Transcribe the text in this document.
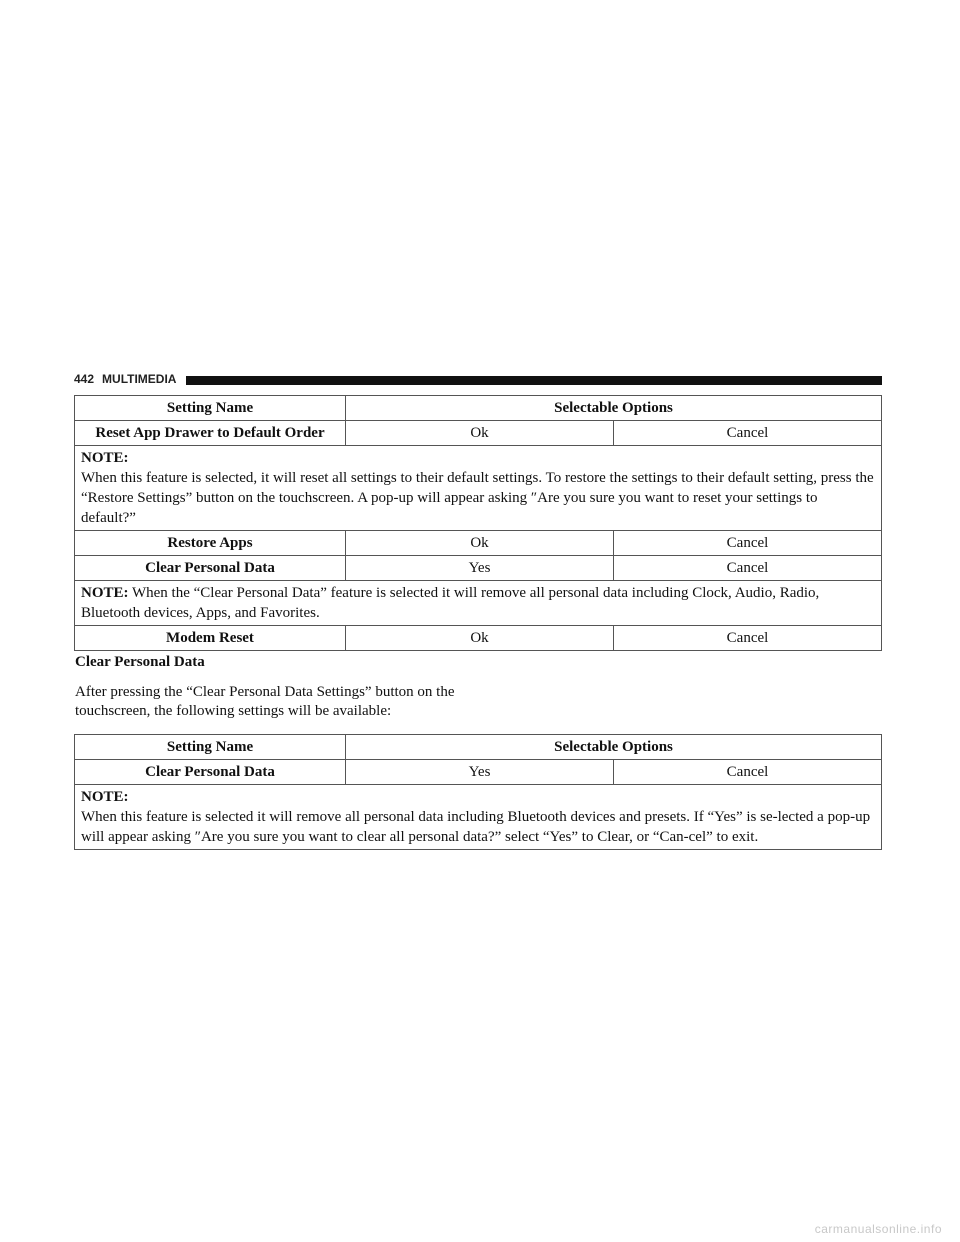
442 MULTIMEDIA
Setting Name	Selectable Options	
Reset App Drawer to Default Order	Ok	Cancel

NOTE:
When this feature is selected, it will reset all settings to their default settings. To restore the settings to their default setting, press the “Restore Settings” button on the touchscreen. A pop-up will appear asking ″Are you sure you want to reset your settings to default?”		

Restore Apps	Ok	Cancel
Clear Personal Data	Yes	Cancel
NOTE: When the “Clear Personal Data” feature is selected it will remove all personal data including Clock, Audio, Radio, Bluetooth devices, Apps, and Favorites.		
Modem Reset	Ok	Cancel
Clear Personal Data
After pressing the “Clear Personal Data Settings” button on the touchscreen, the following settings will be available:
Setting Name	Selectable Options	
Clear Personal Data	Yes	Cancel

NOTE:
When this feature is selected it will remove all personal data including Bluetooth devices and presets. If “Yes” is se-lected a pop-up will appear asking ″Are you sure you want to clear all personal data?” select “Yes” to Clear, or “Can-cel” to exit.		
carmanualsonline.info
